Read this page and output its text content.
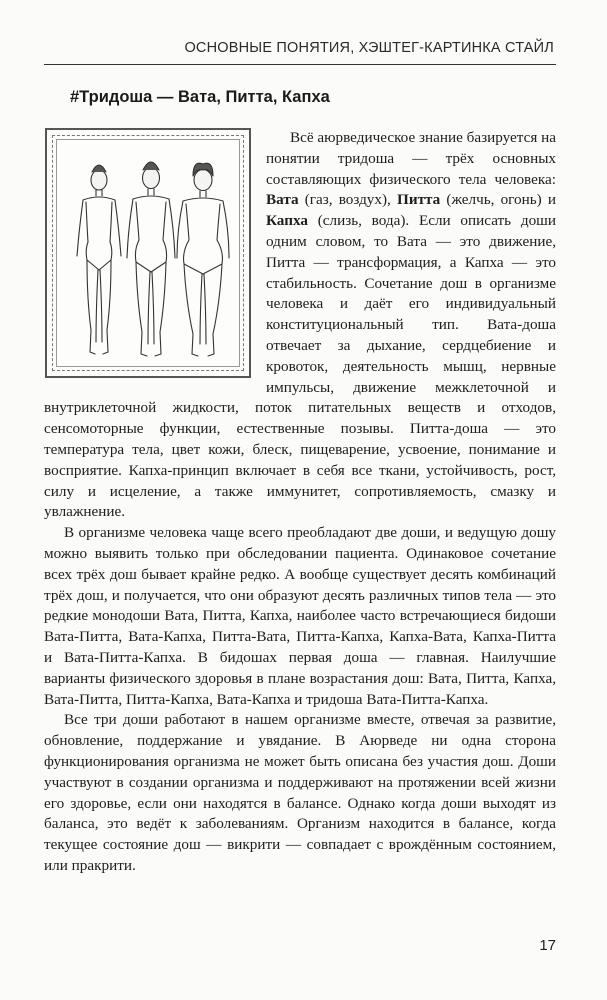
ОСНОВНЫЕ ПОНЯТИЯ, ХЭШТЕГ-КАРТИНКА СТАЙЛ
#Тридоша — Вата, Питта, Капха

Всё аюрведическое знание базируется на понятии тридоша — трёх основных составляющих физического тела человека: Вата (газ, воздух), Питта (желчь, огонь) и Капха (слизь, вода). Если описать доши одним словом, то Вата — это движение, Питта — трансформация, а Капха — это стабильность. Сочетание дош в организме человека и даёт его индивидуальный конституциональный тип. Вата-доша отвечает за дыхание, сердцебиение и кровоток, деятельность мышц, нервные импульсы, движение межклеточной и внутриклеточной жидкости, поток питательных веществ и отходов, сенсомоторные функции, естественные позывы. Питта-доша — это температура тела, цвет кожи, блеск, пищеварение, усвоение, понимание и восприятие. Капха-принцип включает в себя все ткани, устойчивость, рост, силу и исцеление, а также иммунитет, сопротивляемость, смазку и увлажнение.

В организме человека чаще всего преобладают две доши, и ведущую дошу можно выявить только при обследовании пациента. Одинаковое сочетание всех трёх дош бывает крайне редко. А вообще существует десять комбинаций трёх дош, и получается, что они образуют десять различных типов тела — это редкие монодоши Вата, Питта, Капха, наиболее часто встречающиеся бидоши Вата-Питта, Вата-Капха, Питта-Вата, Питта-Капха, Капха-Вата, Капха-Питта и Вата-Питта-Капха. В бидошах первая доша — главная. Наилучшие варианты физического здоровья в плане возрастания дош: Вата, Питта, Капха, Вата-Питта, Питта-Капха, Вата-Капха и тридоша Вата-Питта-Капха.

Все три доши работают в нашем организме вместе, отвечая за развитие, обновление, поддержание и увядание. В Аюрведе ни одна сторона функционирования организма не может быть описана без участия дош. Доши участвуют в создании организма и поддерживают на протяжении всей жизни его здоровье, если они находятся в балансе. Однако когда доши выходят из баланса, это ведёт к заболеваниям. Организм находится в балансе, когда текущее состояние дош — викрити — совпадает с врождённым состоянием, или пракрити.

17
